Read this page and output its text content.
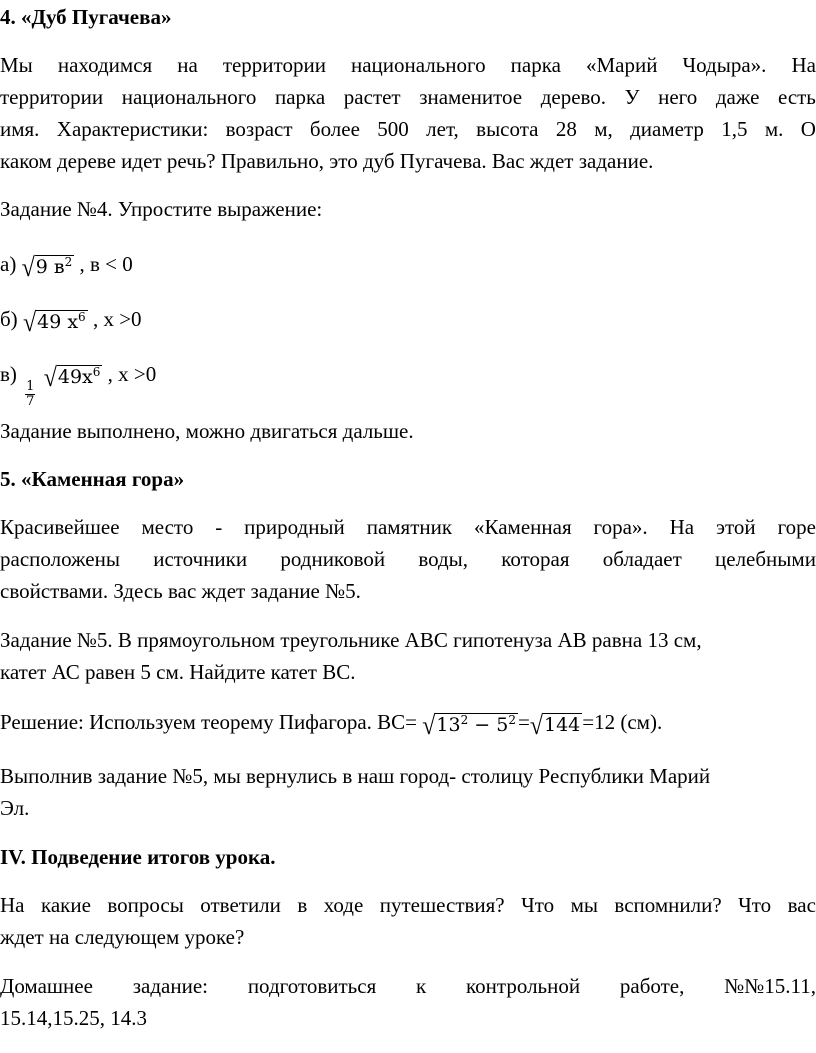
4. «Дуб Пугачева»
Мы находимся на территории национального парка «Марий Чодыра». На
территории национального парка растет знаменитое дерево. У него даже есть
имя. Характеристики: возраст более 500 лет, высота 28 м, диаметр 1,5 м. О
каком дереве идет речь? Правильно, это дуб Пугачева. Вас ждет задание.
Задание №4. Упростите выражение:
а) √ 9 $в^2$ , в < 0
б) √ 49 $х^6$ , х >0
в)
$\frac{1}{7}$

√ $49х^6$ , х >0
Задание выполнено, можно двигаться дальше.
5. «Каменная гора»
Красивейшее место - природный памятник «Каменная гора». На этой горе
расположены источники родниковой воды, которая обладает целебными
свойствами. Здесь вас ждет задание №5.
Задание №5. В прямоугольном треугольнике АВС гипотенуза АВ равна 13 см,
катет АС равен 5 см. Найдите катет ВС.
Решение: Используем теорему Пифагора. ВС= √ $13^2 - 5^2$ = √ 144 =12 (см).
Выполнив задание №5, мы вернулись в наш город- столицу Республики Марий
Эл.
IV. Подведение итогов урока.
На какие вопросы ответили в ходе путешествия? Что мы вспомнили? Что вас
ждет на следующем уроке?
Домашнее задание: подготовиться к контрольной работе, №№15.11,
15.14,15.25, 14.3
